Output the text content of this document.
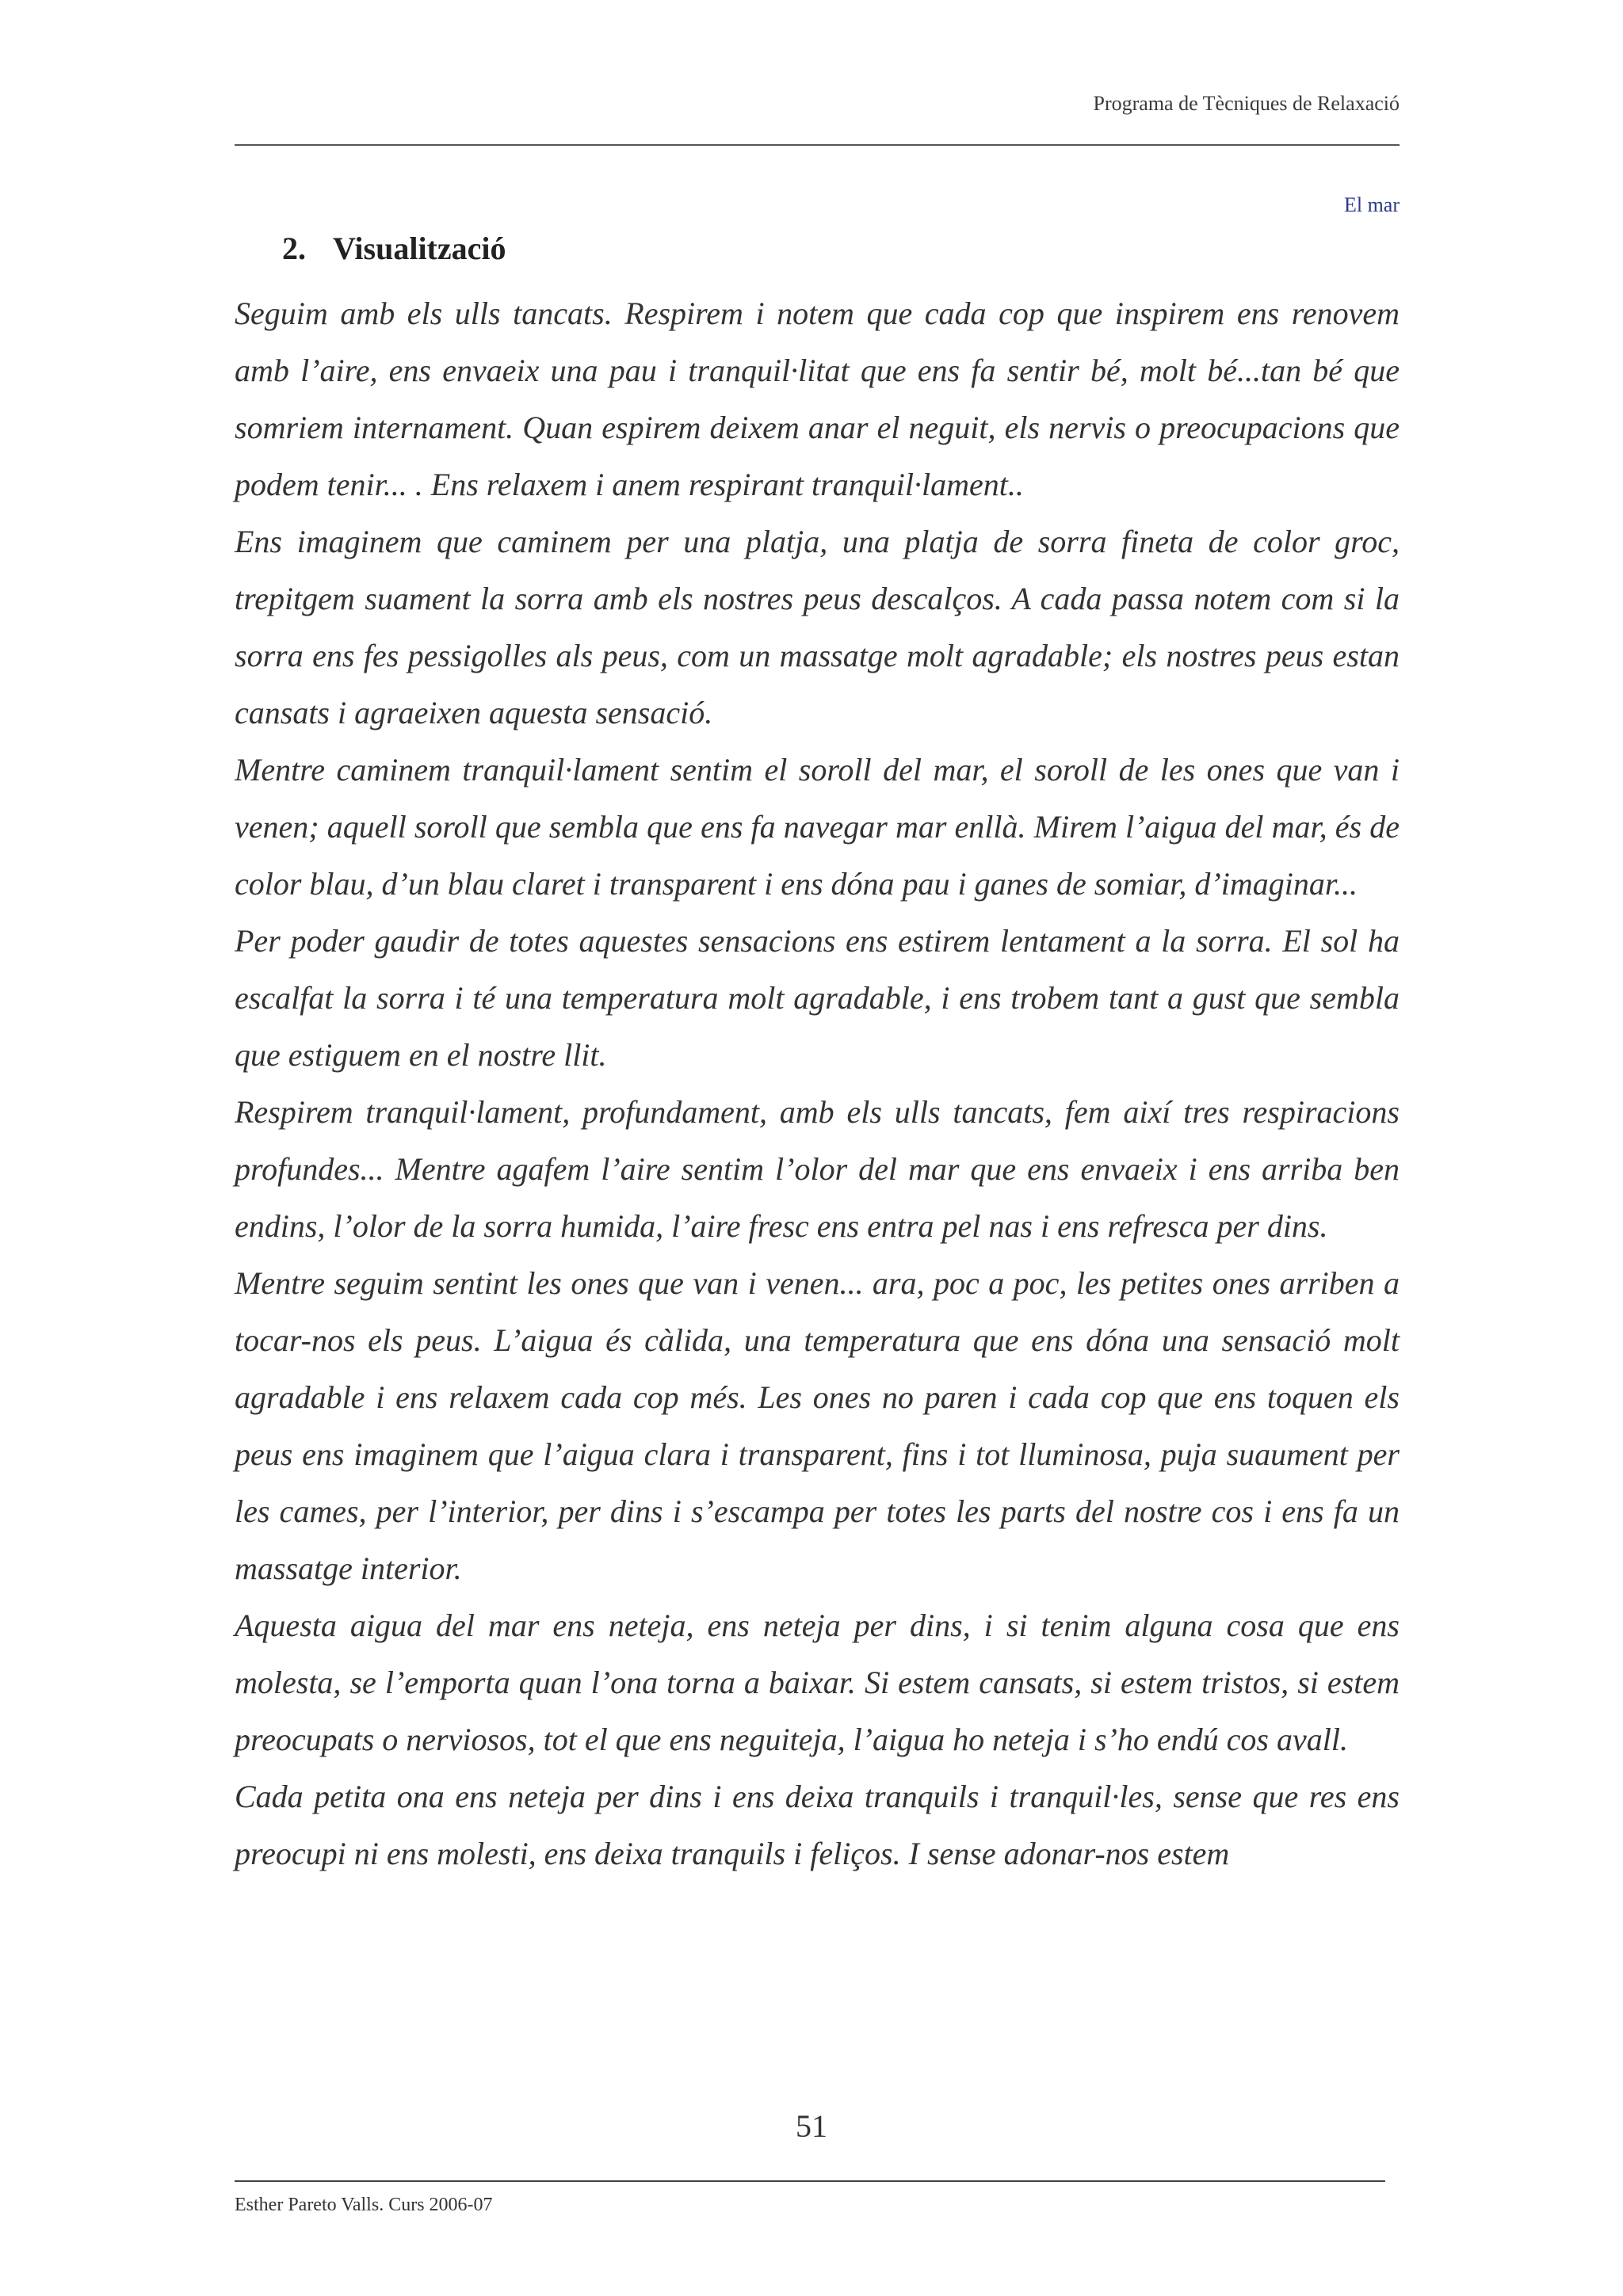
Programa de Tècniques de Relaxació
El mar
2. Visualització

Seguim amb els ulls tancats. Respirem i notem que cada cop que inspirem ens renovem amb l’aire, ens envaeix una pau i tranquil·litat que ens fa sentir bé, molt bé...tan bé que somriem internament. Quan espirem deixem anar el neguit, els nervis o preocupacions que podem tenir... . Ens relaxem i anem respirant tranquil·lament..

Ens imaginem que caminem per una platja, una platja de sorra fineta de color groc, trepitgem suament la sorra amb els nostres peus descalços. A cada passa notem com si la sorra ens fes pessigolles als peus, com un massatge molt agradable; els nostres peus estan cansats i agraeixen aquesta sensació.

Mentre caminem tranquil·lament sentim el soroll del mar, el soroll de les ones que van i venen; aquell soroll que sembla que ens fa navegar mar enllà. Mirem l’aigua del mar, és de color blau, d’un blau claret i transparent i ens dóna pau i ganes de somiar, d’imaginar...

Per poder gaudir de totes aquestes sensacions ens estirem lentament a la sorra. El sol ha escalfat la sorra i té una temperatura molt agradable, i ens trobem tant a gust que sembla que estiguem en el nostre llit.

Respirem tranquil·lament, profundament, amb els ulls tancats, fem així tres respiracions profundes... Mentre agafem l’aire sentim l’olor del mar que ens envaeix i ens arriba ben endins, l’olor de la sorra humida, l’aire fresc ens entra pel nas i ens refresca per dins.

Mentre seguim sentint les ones que van i venen... ara, poc a poc, les petites ones arriben a tocar-nos els peus. L’aigua és càlida, una temperatura que ens dóna una sensació molt agradable i ens relaxem cada cop més. Les ones no paren i cada cop que ens toquen els peus ens imaginem que l’aigua clara i transparent, fins i tot lluminosa, puja suaument per les cames, per l’interior, per dins i s’escampa per totes les parts del nostre cos i ens fa un massatge interior.

Aquesta aigua del mar ens neteja, ens neteja per dins, i si tenim alguna cosa que ens molesta, se l’emporta quan l’ona torna a baixar. Si estem cansats, si estem tristos, si estem preocupats o nerviosos, tot el que ens neguiteja, l’aigua ho neteja i s’ho endú cos avall.

Cada petita ona ens neteja per dins i ens deixa tranquils i tranquil·les, sense que res ens preocupi ni ens molesti, ens deixa tranquils i feliços. I sense adonar-nos estem

51
Esther Pareto Valls. Curs 2006-07
